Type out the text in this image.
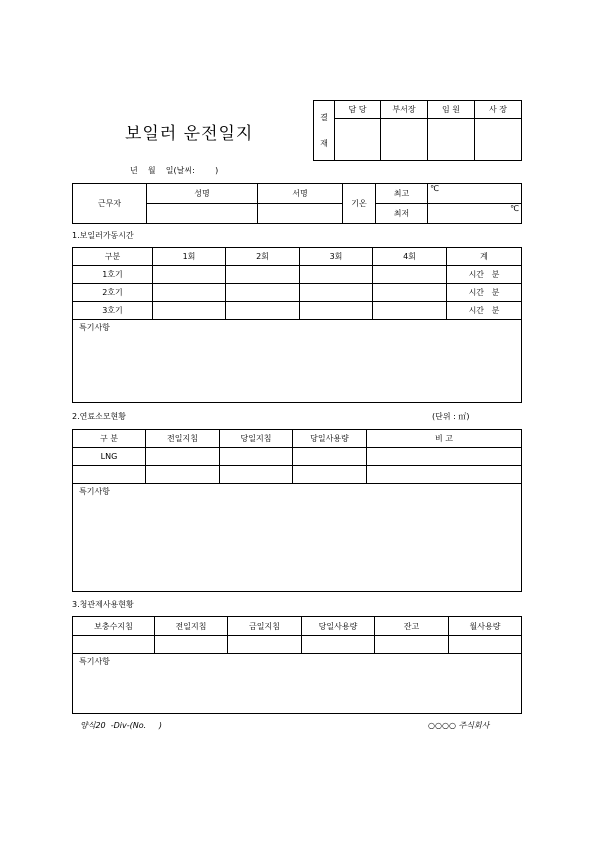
보일러 운전일지
결
재	담 당	부서장	임 원	사 장

년    월    일(날씨:        )
근무자	성명	서명	기온	최고	℃
				최저	℃
1.보일러가동시간
구분	1회	2회	3회	4회	계
1호기					시간   분
2호기					시간   분
3호기					시간   분
특기사항					
2.연료소모현황	(단위 : ㎥)
구 분	전일지침	당일지침	당일사용량	비 고
LNG				

특기사항				
3.청관제사용현황
보충수지침	전일지침	금일지침	당일사용량	잔고	월사용량

특기사항					
양식20  -Div-(No.     )	○○○○ 주식회사
